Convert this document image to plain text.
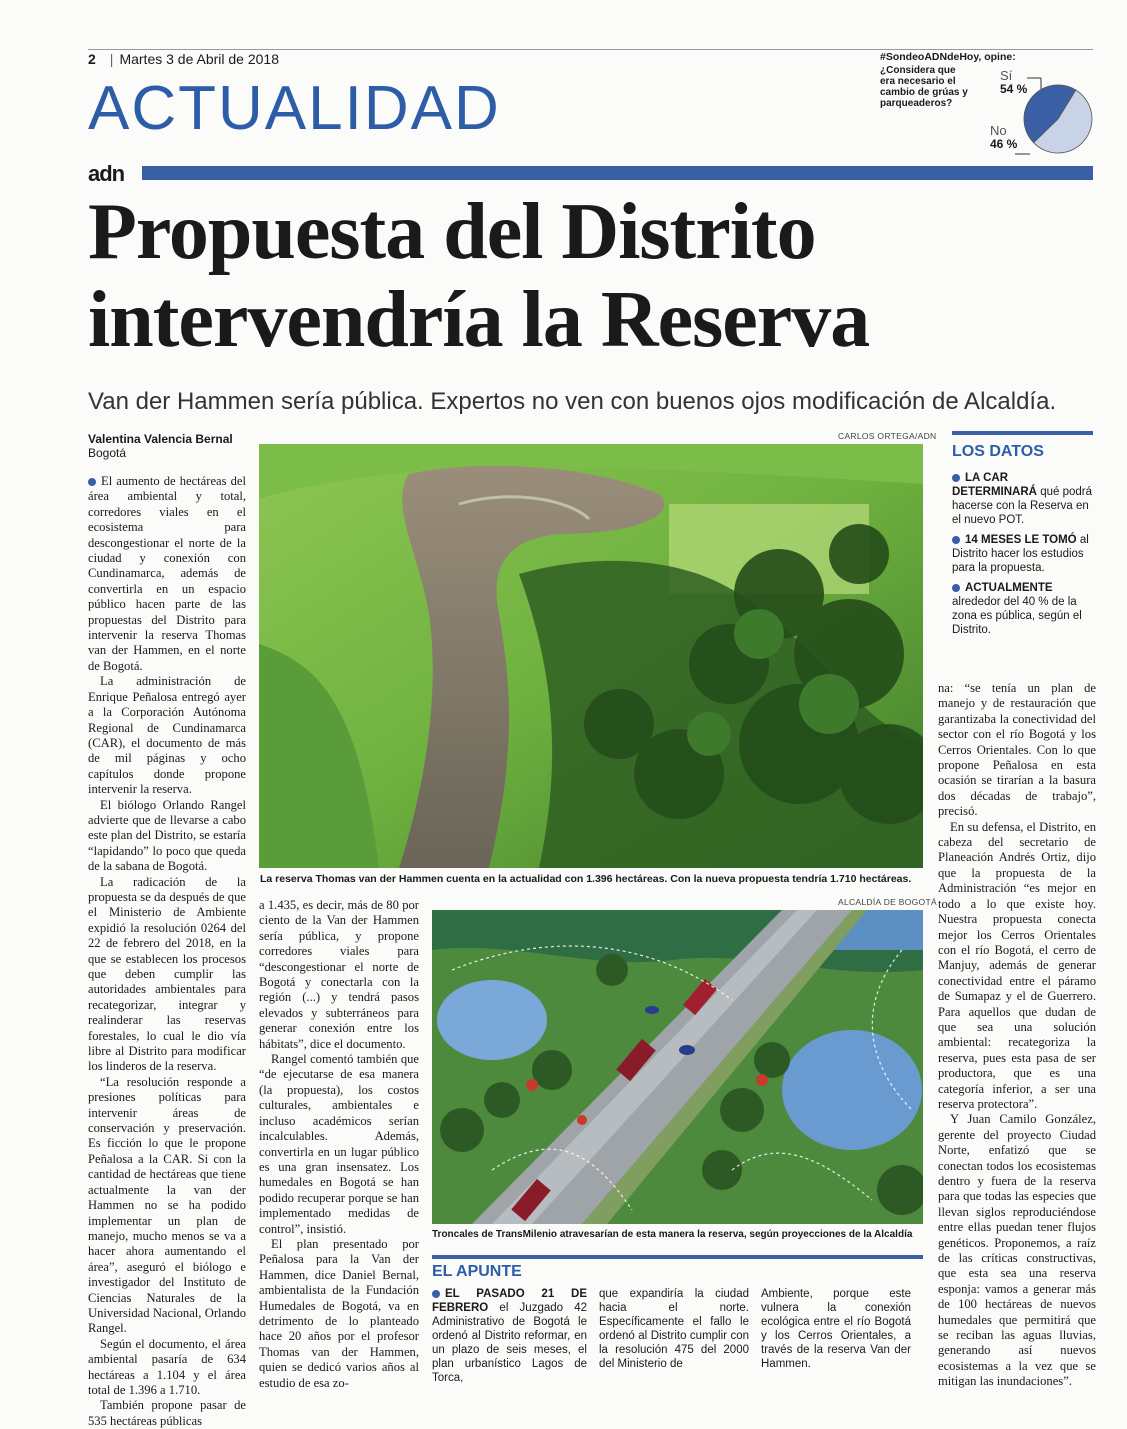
2 | Martes 3 de Abril de 2018
ACTUALIDAD
#SondeoADNdeHoy, opine:
¿Considera que era necesario el cambio de grúas y parqueaderos?
Sí
54 %
No
46 %
adn
Propuesta del Distrito
intervendría la Reserva
Van der Hammen sería pública. Expertos no ven con buenos ojos modificación de Alcaldía.
Valentina Valencia Bernal
Bogotá

El aumento de hectáreas del área ambiental y total, corredores viales en el ecosistema para descongestionar el norte de la ciudad y conexión con Cundinamarca, además de convertirla en un espacio público hacen parte de las propuestas del Distrito para intervenir la reserva Thomas van der Hammen, en el norte de Bogotá.

La administración de Enrique Peñalosa entregó ayer a la Corporación Autónoma Regional de Cundinamarca (CAR), el documento de más de mil páginas y ocho capítulos donde propone intervenir la reserva.

El biólogo Orlando Rangel advierte que de llevarse a cabo este plan del Distrito, se estaría “lapidando” lo poco que queda de la sabana de Bogotá.

La radicación de la propuesta se da después de que el Ministerio de Ambiente expidió la resolución 0264 del 22 de febrero del 2018, en la que se establecen los procesos que deben cumplir las autoridades ambientales para recategorizar, integrar y realinderar las reservas forestales, lo cual le dio vía libre al Distrito para modificar los linderos de la reserva.

“La resolución responde a presiones políticas para intervenir áreas de conservación y preservación. Es ficción lo que le propone Peñalosa a la CAR. Si con la cantidad de hectáreas que tiene actualmente la van der Hammen no se ha podido implementar un plan de manejo, mucho menos se va a hacer ahora aumentando el área”, aseguró el biólogo e investigador del Instituto de Ciencias Naturales de la Universidad Nacional, Orlando Rangel.

Según el documento, el área ambiental pasaría de 634 hectáreas a 1.104 y el área total de 1.396 a 1.710.

También propone pasar de 535 hectáreas públicas

CARLOS ORTEGA/ADN
La reserva Thomas van der Hammen cuenta en la actualidad con 1.396 hectáreas. Con la nueva propuesta tendría 1.710 hectáreas.
ALCALDÍA DE BOGOTÁ
Troncales de TransMilenio atravesarían de esta manera la reserva, según proyecciones de la Alcaldía

a 1.435, es decir, más de 80 por ciento de la Van der Hammen sería pública, y propone corredores viales para “descongestionar el norte de Bogotá y conectarla con la región (...) y tendrá pasos elevados y subterráneos para generar conexión entre los hábitats”, dice el documento.

Rangel comentó también que “de ejecutarse de esa manera (la propuesta), los costos culturales, ambientales e incluso académicos serían incalculables. Además, convertirla en un lugar público es una gran insensatez. Los humedales en Bogotá se han podido recuperar porque se han implementado medidas de control”, insistió.

El plan presentado por Peñalosa para la Van der Hammen, dice Daniel Bernal, ambientalista de la Fundación Humedales de Bogotá, va en detrimento de lo planteado hace 20 años por el profesor Thomas van der Hammen, quien se dedicó varios años al estudio de esa zo-

EL APUNTE

EL PASADO 21 DE FEBRERO el Juzgado 42 Administrativo de Bogotá le ordenó al Distrito reformar, en un plazo de seis meses, el plan urbanístico Lagos de Torca,

que expandiría la ciudad hacia el norte. Específicamente el fallo le ordenó al Distrito cumplir con la resolución 475 del 2000 del Ministerio de

Ambiente, porque este vulnera la conexión ecológica entre el río Bogotá y los Cerros Orientales, a través de la reserva Van der Hammen.

LOS DATOS

LA CAR DETERMINARÁ qué podrá hacerse con la Reserva en el nuevo POT.

14 MESES LE TOMÓ al Distrito hacer los estudios para la propuesta.

ACTUALMENTE alrededor del 40 % de la zona es pública, según el Distrito.

na: “se tenía un plan de manejo y de restauración que garantizaba la conectividad del sector con el río Bogotá y los Cerros Orientales. Con lo que propone Peñalosa en esta ocasión se tirarían a la basura dos décadas de trabajo”, precisó.

En su defensa, el Distrito, en cabeza del secretario de Planeación Andrés Ortiz, dijo que la propuesta de la Administración “es mejor en todo a lo que existe hoy. Nuestra propuesta conecta mejor los Cerros Orientales con el río Bogotá, el cerro de Manjuy, además de generar conectividad entre el páramo de Sumapaz y el de Guerrero. Para aquellos que dudan de que sea una solución ambiental: recategoriza la reserva, pues esta pasa de ser productora, que es una categoría inferior, a ser una reserva protectora”.

Y Juan Camilo González, gerente del proyecto Ciudad Norte, enfatizó que se conectan todos los ecosistemas dentro y fuera de la reserva para que todas las especies que llevan siglos reproduciéndose entre ellas puedan tener flujos genéticos. Proponemos, a raíz de las críticas constructivas, que esta sea una reserva esponja: vamos a generar más de 100 hectáreas de nuevos humedales que permitirá que se reciban las aguas lluvias, generando así nuevos ecosistemas a la vez que se mitigan las inundaciones”.
